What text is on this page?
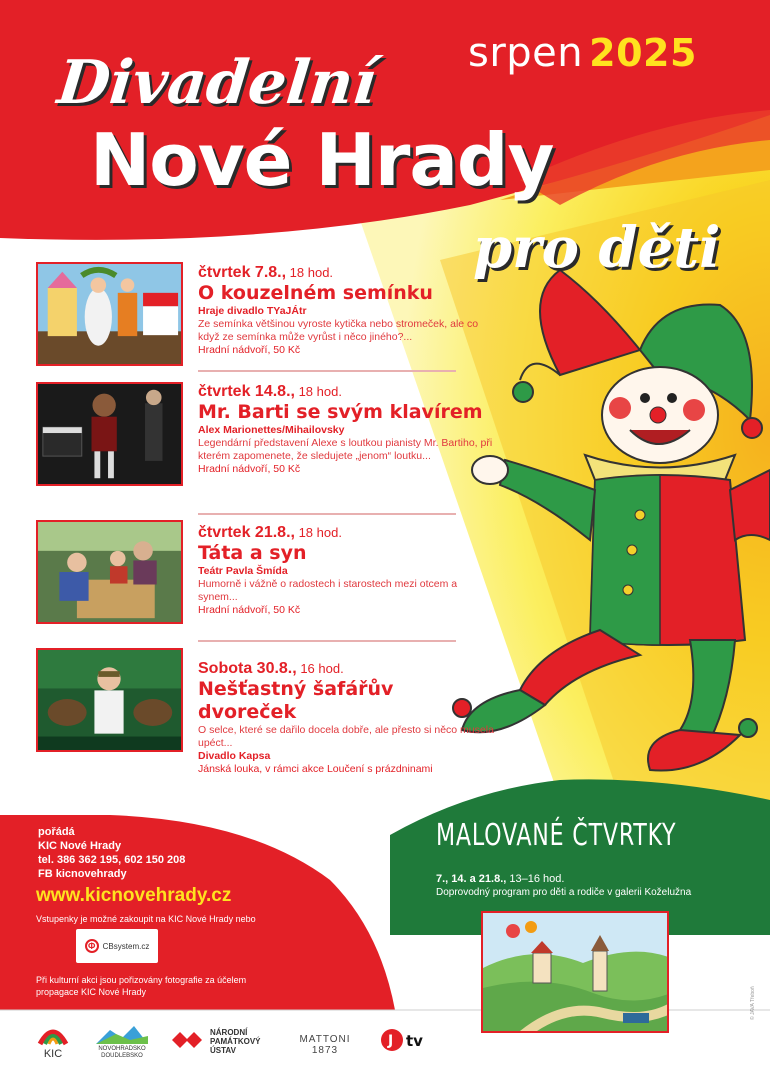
srpen 2025
Divadelní
Nové Hrady
pro děti
čtvrtek 7.8., 18 hod.
O kouzelném semínku
Hraje divadlo TYaJÁtr
Ze semínka většinou vyroste kytička nebo stromeček, ale co když ze semínka může vyrůst i něco jiného?...
Hradní nádvoří, 50 Kč
čtvrtek 14.8., 18 hod.
Mr. Barti se svým klavírem
Alex Marionettes/Mihailovsky
Legendární představení Alexe s loutkou pianisty Mr. Bartiho, při kterém zapomenete, že sledujete „jenom“ loutku...
Hradní nádvoří, 50 Kč
čtvrtek 21.8., 18 hod.
Táta a syn
Teátr Pavla Šmída
Humorně i vážně o radostech i starostech mezi otcem a synem...
Hradní nádvoří, 50 Kč
Sobota 30.8., 16 hod.
Nešťastný šafářův
dvoreček
O selce, které se dařilo docela dobře, ale přesto si něco musela upéct...
Divadlo Kapsa
Jánská louka, v rámci akce Loučení s prázdninami
pořádá
KIC Nové Hrady
tel. 386 362 195, 602 150 208
FB kicnovehrady
www.kicnovehrady.cz
Vstupenky je možné zakoupit na KIC Nové Hrady nebo
Φ CBsystem.cz
Při kulturní akci jsou pořizovány fotografie za účelem propagace KIC Nové Hrady
MALOVANÉ ČTVRTKY
7., 14. a 21.8., 13–16 hod.
Doprovodný program pro děti a rodiče v galerii Koželužna
KIC	NOVOHRADSKO DOUDLEBSKO
NÁRODNÍ PAMÁTKOVÝ ÚSTAV
MATTONI 1873
J tv
© JAVA Třeboň
